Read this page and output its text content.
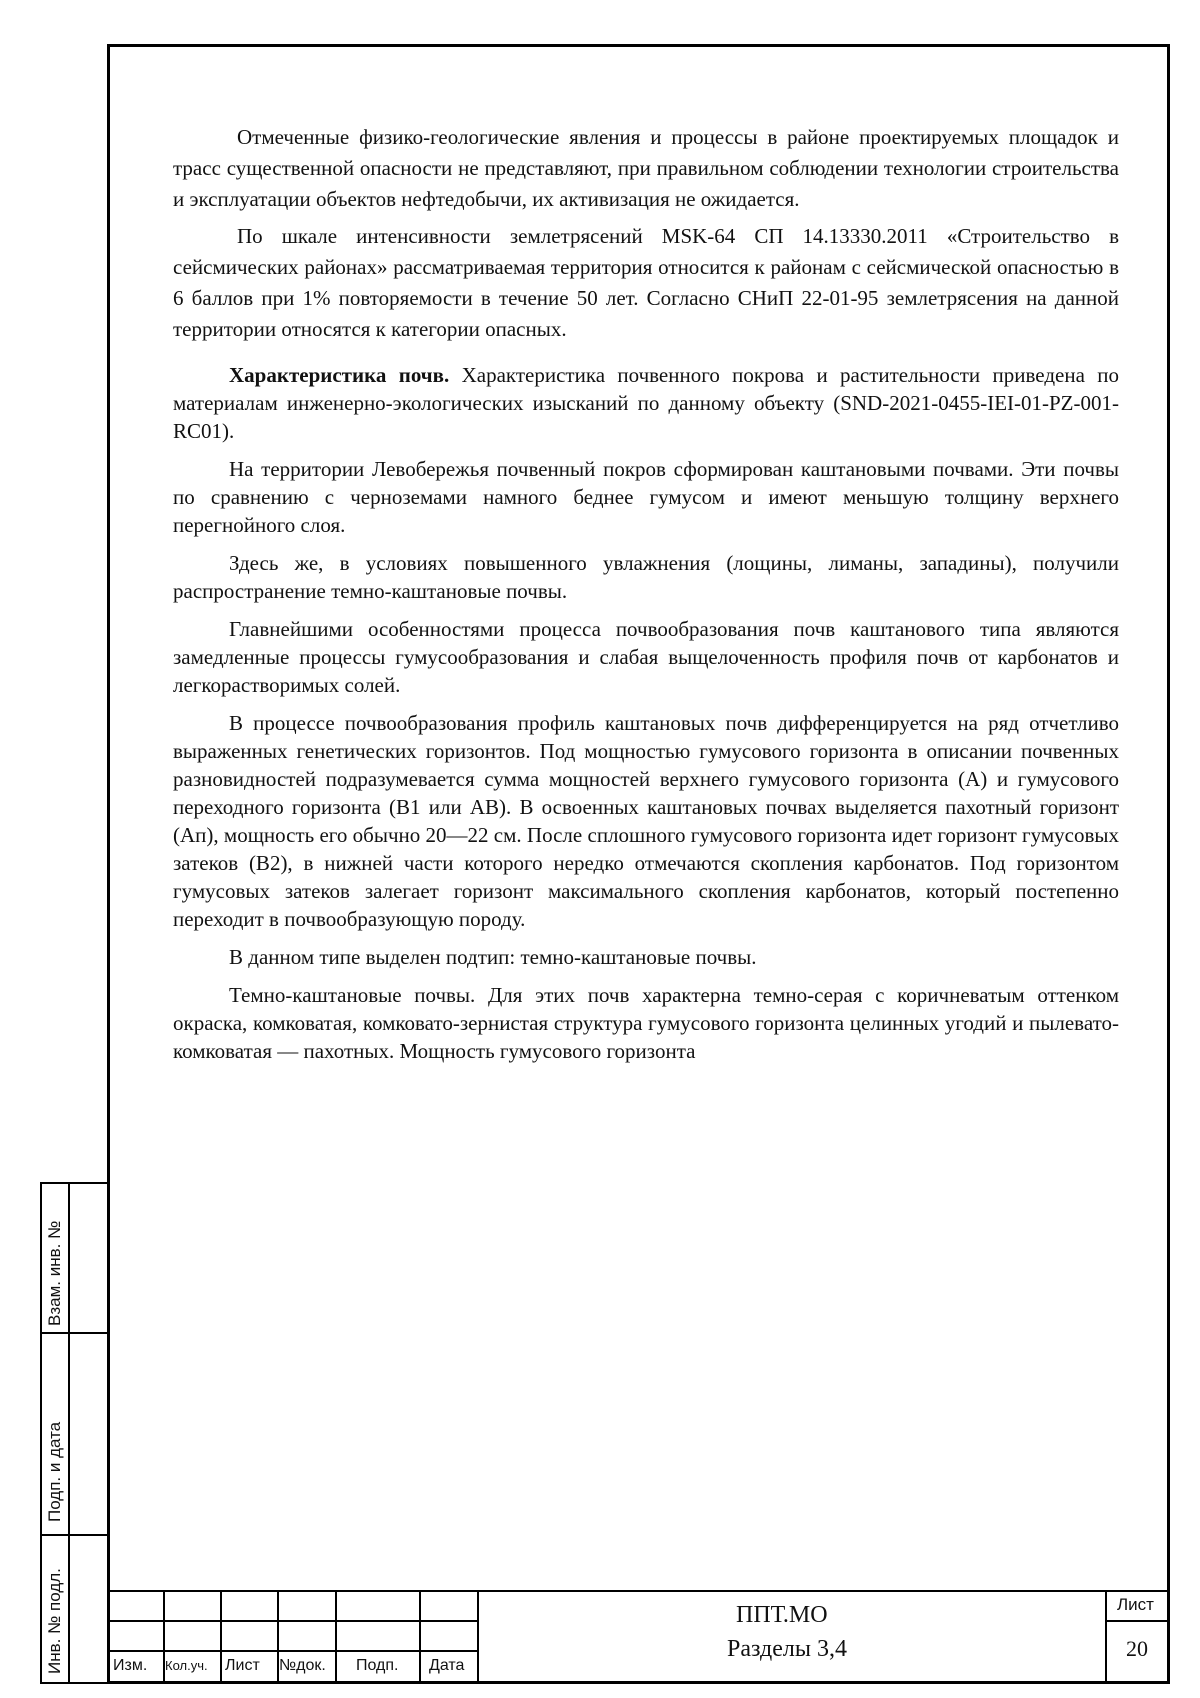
Отмеченные физико-геологические явления и процессы в районе проектируемых площадок и трасс существенной опасности не представляют, при правильном соблюдении технологии строительства и эксплуатации объектов нефтедобычи, их активизация не ожидается.

По шкале интенсивности землетрясений MSK-64 СП 14.13330.2011 «Строительство в сейсмических районах» рассматриваемая территория относится к районам с сейсмической опасностью в 6 баллов при 1% повторяемости в течение 50 лет. Согласно СНиП 22-01-95 землетрясения на данной территории относятся к категории опасных.

Характеристика почв. Характеристика почвенного покрова и растительности приведена по материалам инженерно-экологических изысканий по данному объекту (SND-2021-0455-IEI-01-PZ-001-RC01).

На территории Левобережья почвенный покров сформирован каштановыми почвами. Эти почвы по сравнению с черноземами намного беднее гумусом и имеют меньшую толщину верхнего перегнойного слоя.

Здесь же, в условиях повышенного увлажнения (лощины, лиманы, западины), получили распространение темно-каштановые почвы.

Главнейшими особенностями процесса почвообразования почв каштанового типа являются замедленные процессы гумусообразования и слабая выщелоченность профиля почв от карбонатов и легкорастворимых солей.

В процессе почвообразования профиль каштановых почв дифференцируется на ряд отчетливо выраженных генетических горизонтов. Под мощностью гумусового горизонта в описании почвенных разновидностей подразумевается сумма мощностей верхнего гумусового горизонта (А) и гумусового переходного горизонта (В1 или АВ). В освоенных каштановых почвах выделяется пахотный горизонт (Ап), мощность его обычно 20—22 см. После сплошного гумусового горизонта идет горизонт гумусовых затеков (В2), в нижней части которого нередко отмечаются скопления карбонатов. Под горизонтом гумусовых затеков залегает горизонт максимального скопления карбонатов, который постепенно переходит в почвообразующую породу.

В данном типе выделен подтип: темно-каштановые почвы.

Темно-каштановые почвы. Для этих почв характерна темно-серая с коричневатым оттенком окраска, комковатая, комковато-зернистая структура гумусового горизонта целинных угодий и пылевато-комковатая — пахотных. Мощность гумусового горизонта

Взам. инв. №
Подп. и дата
Инв. № подл.	Изм. Кол.уч. Лист №док. Подп. Дата
ППТ.МО
Разделы 3,4
Лист
20
